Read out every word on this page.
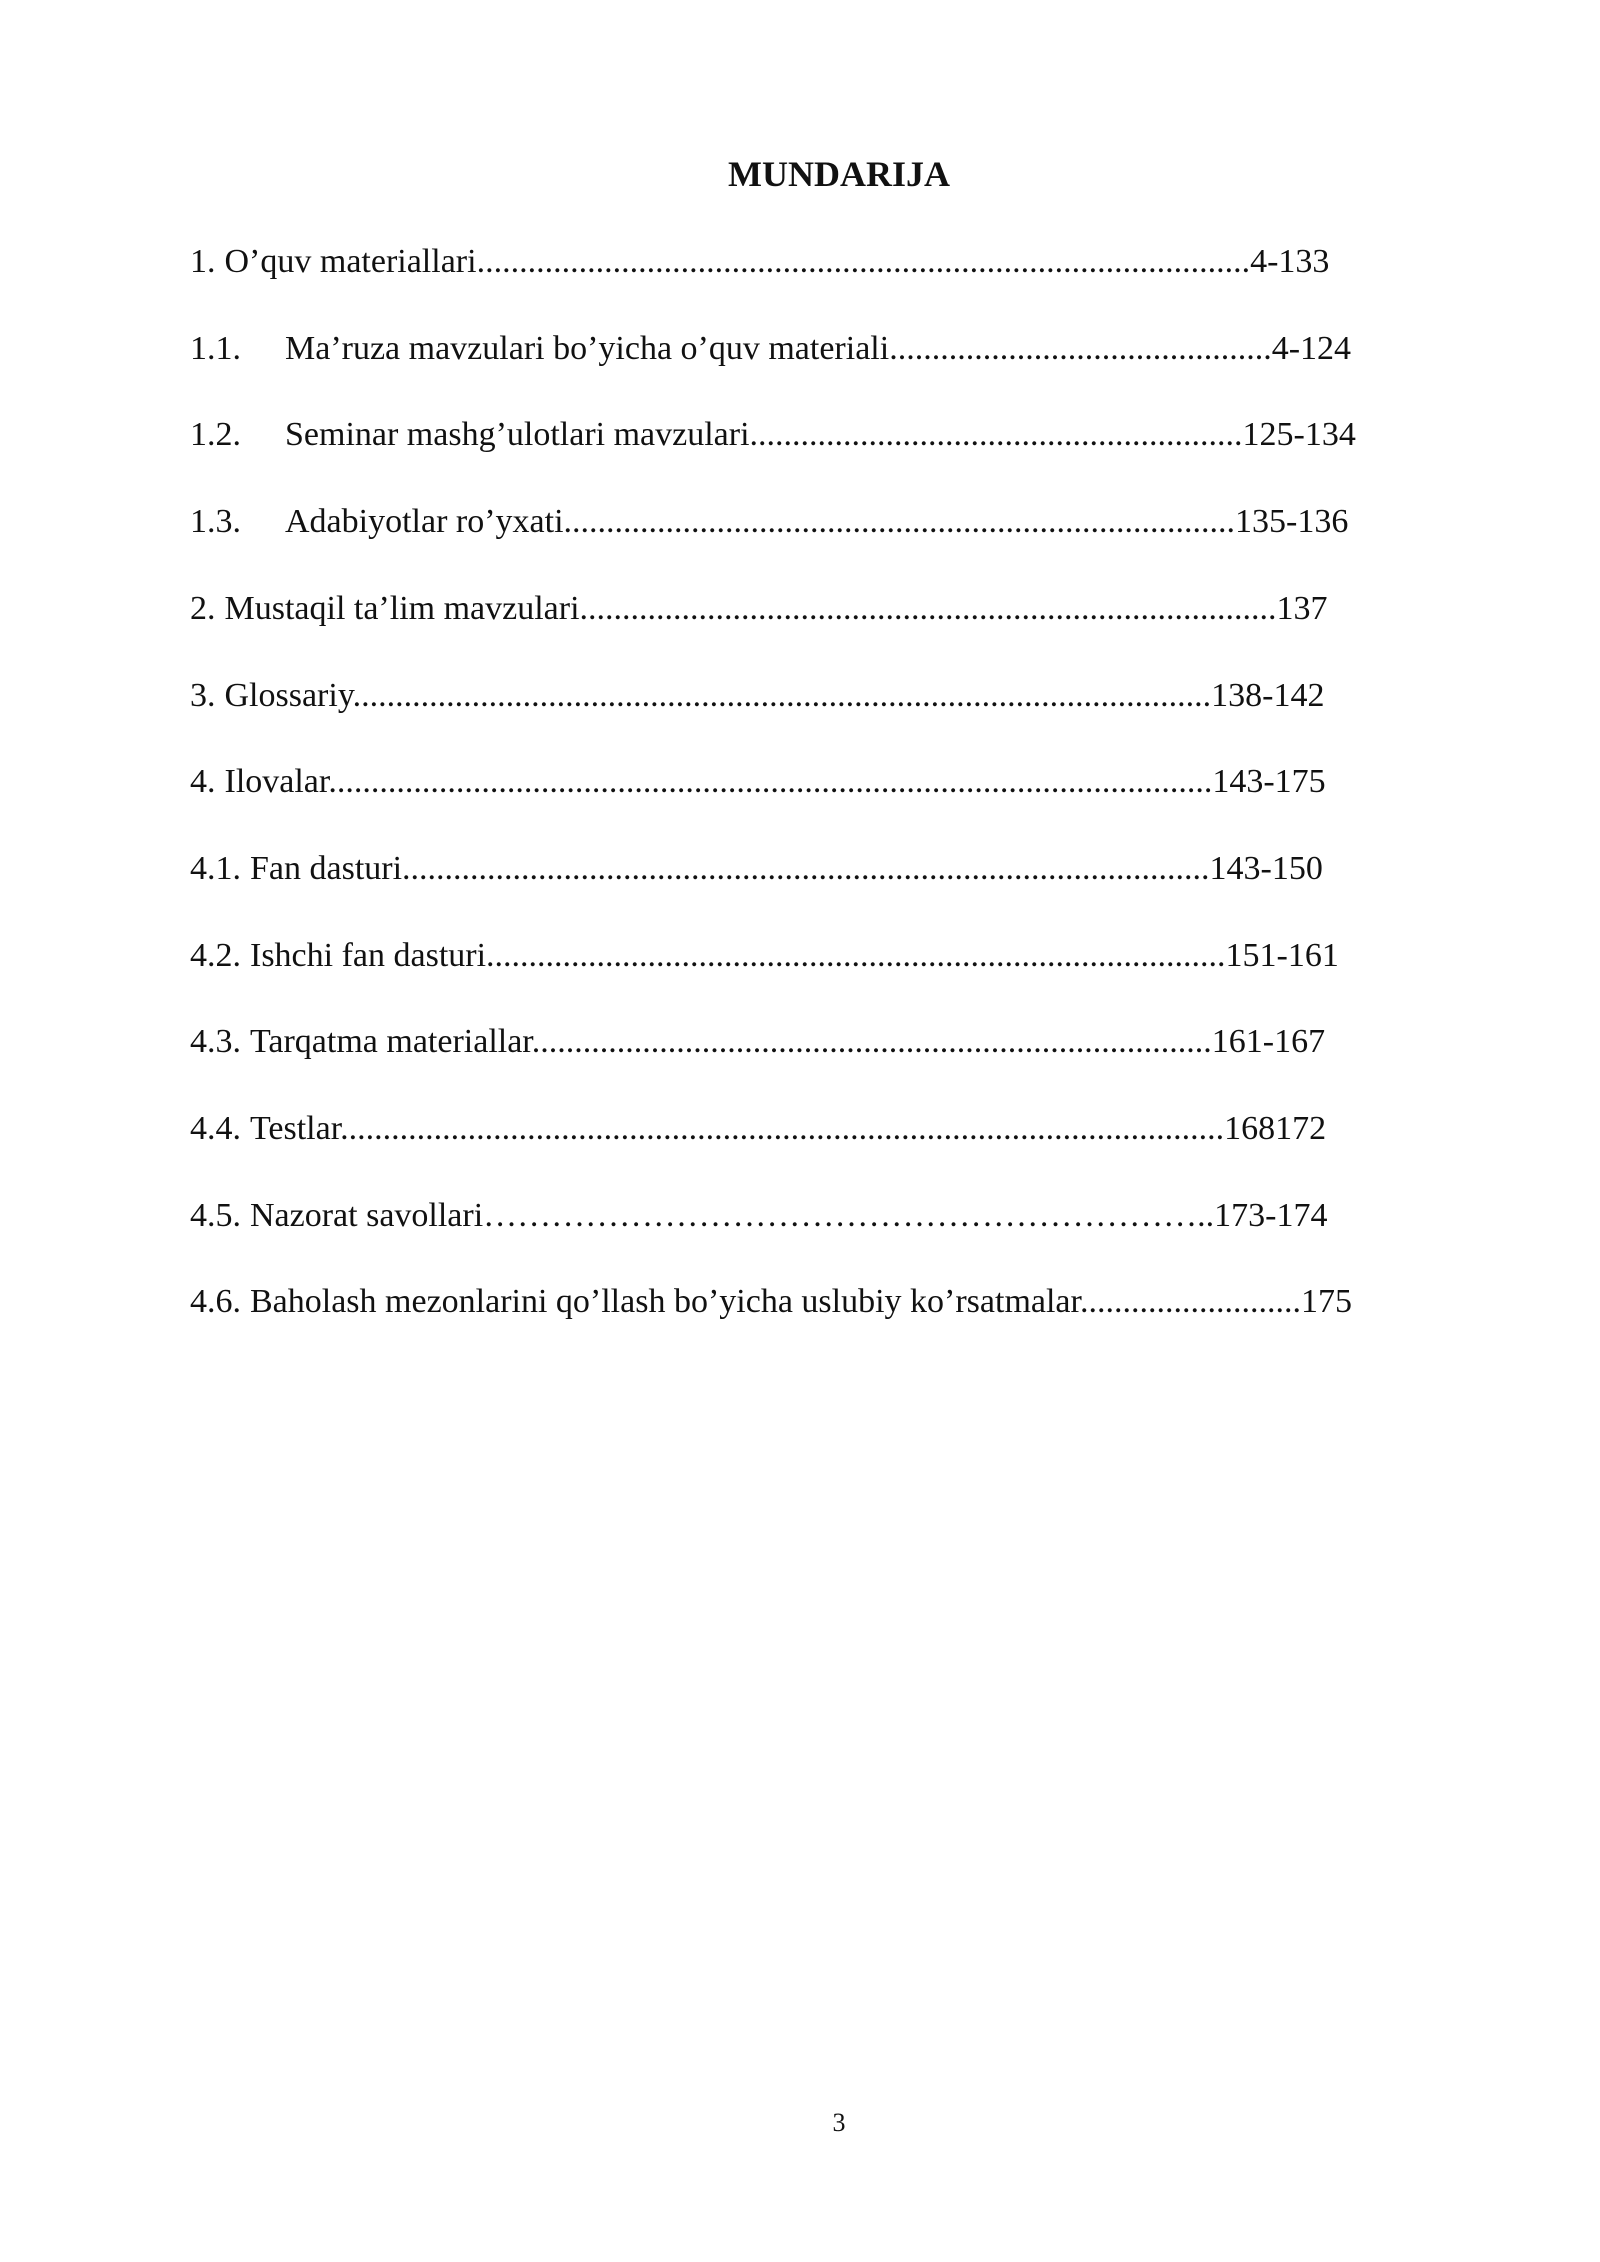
MUNDARIJA
1. O’quv materiallari...........................................................................................4-133
1.1. Ma’ruza mavzulari bo’yicha o’quv materiali.............................................4-124
1.2. Seminar mashg’ulotlari mavzulari..........................................................125-134
1.3. Adabiyotlar ro’yxati...............................................................................135-136
2. Mustaqil ta’lim mavzulari..................................................................................137
3. Glossariy.....................................................................................................138-142
4. Ilovalar........................................................................................................143-175
4.1. Fan dasturi...............................................................................................143-150
4.2. Ishchi fan dasturi.......................................................................................151-161
4.3. Tarqatma materiallar................................................................................161-167
4.4. Testlar........................................................................................................168172
4.5. Nazorat savollari………………………………………………………..173-174
4.6. Baholash mezonlarini qo’llash bo’yicha uslubiy ko’rsatmalar..........................175
3
